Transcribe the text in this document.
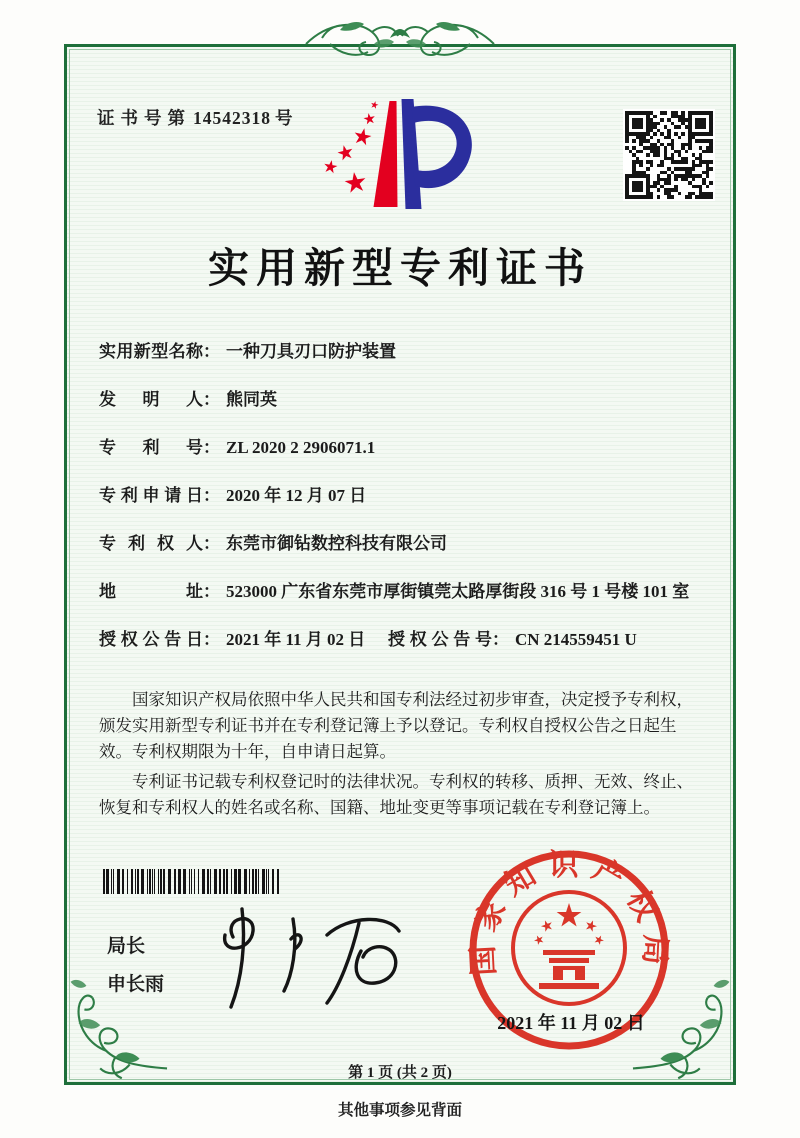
证书号第 14542318 号
实用新型专利证书
实用新型名称 ： 一种刀具刃口防护装置
发明人 ： 熊同英
专利号 ： ZL 2020 2 2906071.1
专利申请日 ： 2020 年 12 月 07 日
专利权人 ： 东莞市御钻数控科技有限公司
地址 ： 523000 广东省东莞市厚街镇莞太路厚街段 316 号 1 号楼 101 室
授权公告日 ： 2021 年 11 月 02 日	授权公告号 ： CN 214559451 U

国家知识产权局依照中华人民共和国专利法经过初步审查，决定授予专利权，颁发实用新型专利证书并在专利登记簿上予以登记。专利权自授权公告之日起生效。专利权期限为十年，自申请日起算。

专利证书记载专利权登记时的法律状况。专利权的转移、质押、无效、终止、恢复和专利权人的姓名或名称、国籍、地址变更等事项记载在专利登记簿上。

局长
申长雨
国家知识产权局
2021 年 11 月 02 日
第 1 页 (共 2 页)
其他事项参见背面
